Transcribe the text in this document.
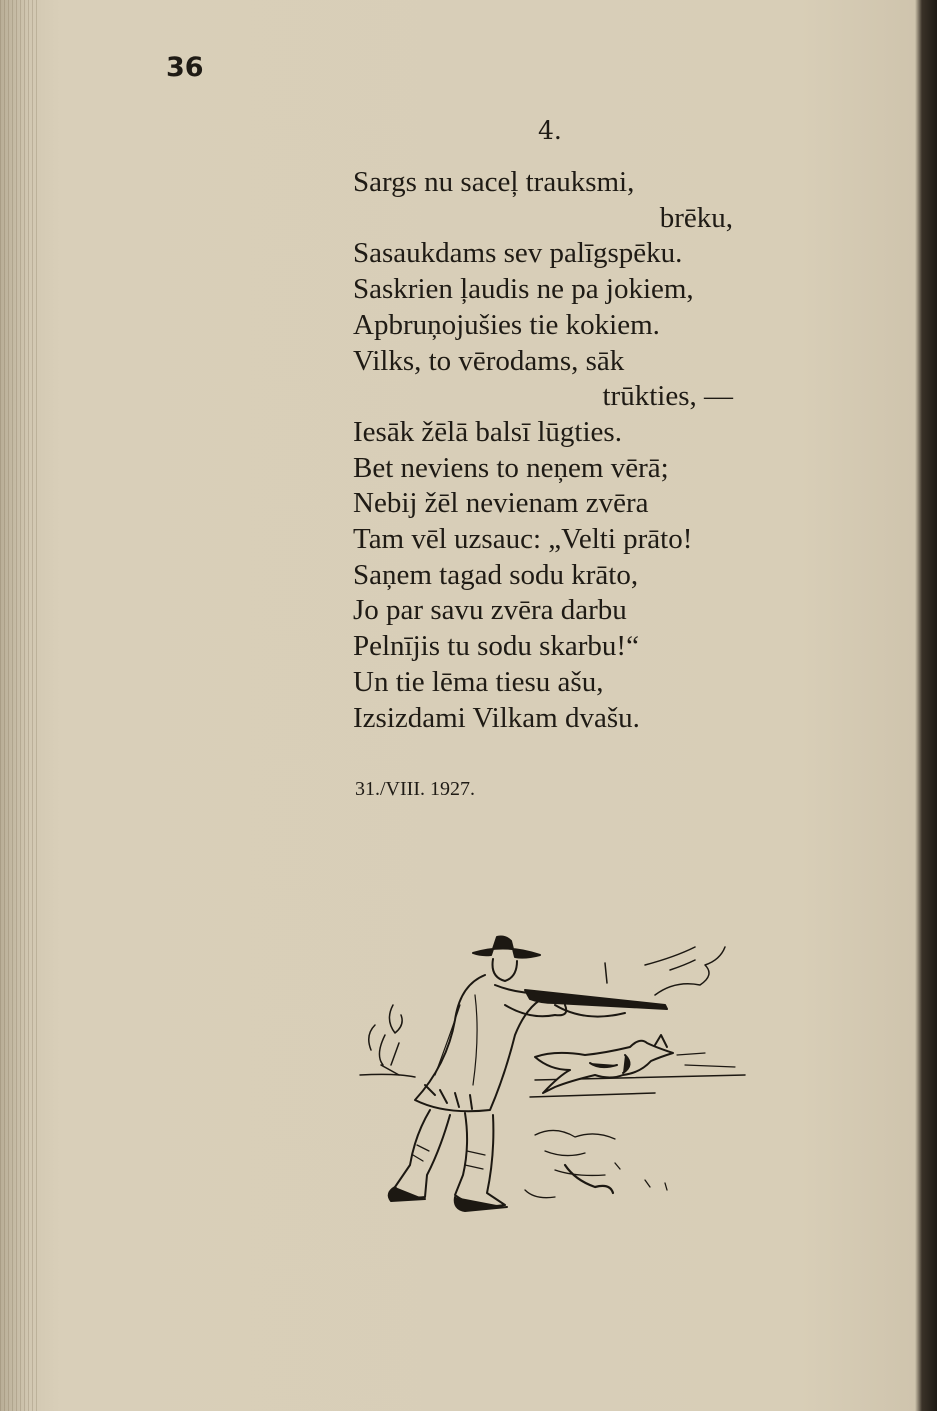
36
4.
Sargs nu saceļ trauksmi,
brēku,
Sasaukdams sev palīgspēku.
Saskrien ļaudis ne pa jokiem,
Apbruņojušies tie kokiem.
Vilks, to vērodams, sāk
trūkties, —
Iesāk žēlā balsī lūgties.
Bet neviens to neņem vērā;
Nebij žēl nevienam zvēra
Tam vēl uzsauc: „Velti prāto!
Saņem tagad sodu krāto,
Jo par savu zvēra darbu
Pelnījis tu sodu skarbu!“
Un tie lēma tiesu ašu,
Izsizdami Vilkam dvašu.
31./VIII. 1927.
